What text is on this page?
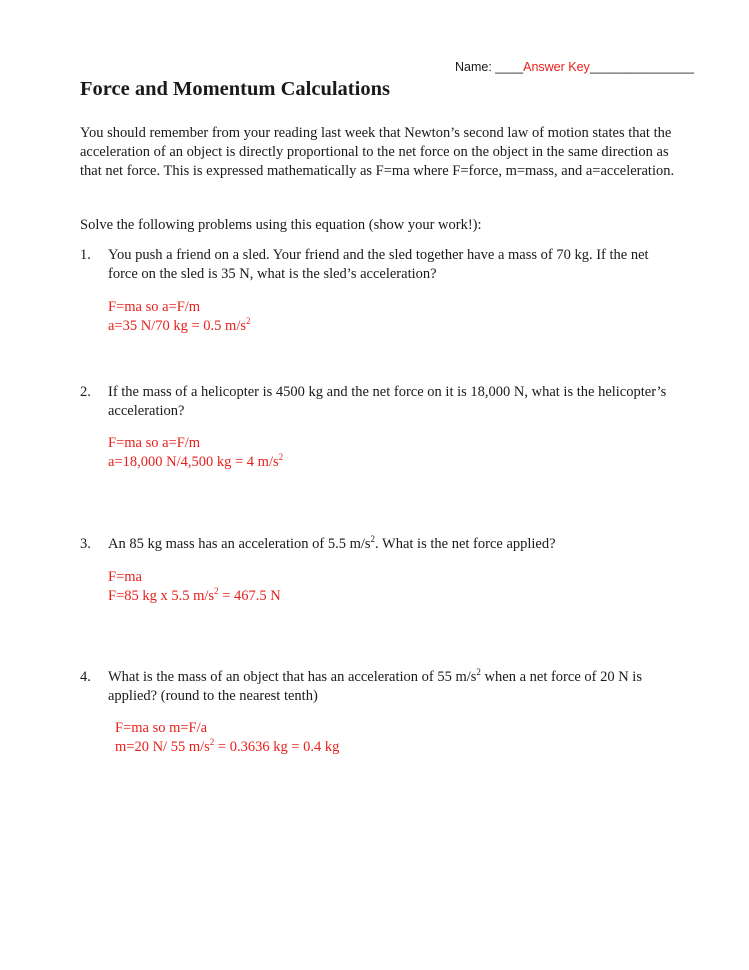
Name: ____Answer Key_______________
Force and Momentum Calculations

You should remember from your reading last week that Newton’s second law of motion states that the acceleration of an object is directly proportional to the net force on the object in the same direction as that net force. This is expressed mathematically as F=ma where F=force, m=mass, and a=acceleration.

Solve the following problems using this equation (show your work!):

1. You push a friend on a sled. Your friend and the sled together have a mass of 70 kg. If the net force on the sled is 35 N, what is the sled’s acceleration?
F=ma so a=F/m
a=35 N/70 kg = 0.5 $m/s^2$
2. If the mass of a helicopter is 4500 kg and the net force on it is 18,000 N, what is the helicopter’s acceleration?
F=ma so a=F/m
a=18,000 N/4,500 kg = 4 $m/s^2$
3. An 85 kg mass has an acceleration of 5.5 $m/s^2$. What is the net force applied?
F=ma
F=85 kg x 5.5 $m/s^2 = 467.5$ N
4. What is the mass of an object that has an acceleration of 55 $m/s^2$ when a net force of 20 N is applied? (round to the nearest tenth)
F=ma so m=F/a
m=20 N/ 55 $m/s^2 = 0.3636$ kg = 0.4 kg
